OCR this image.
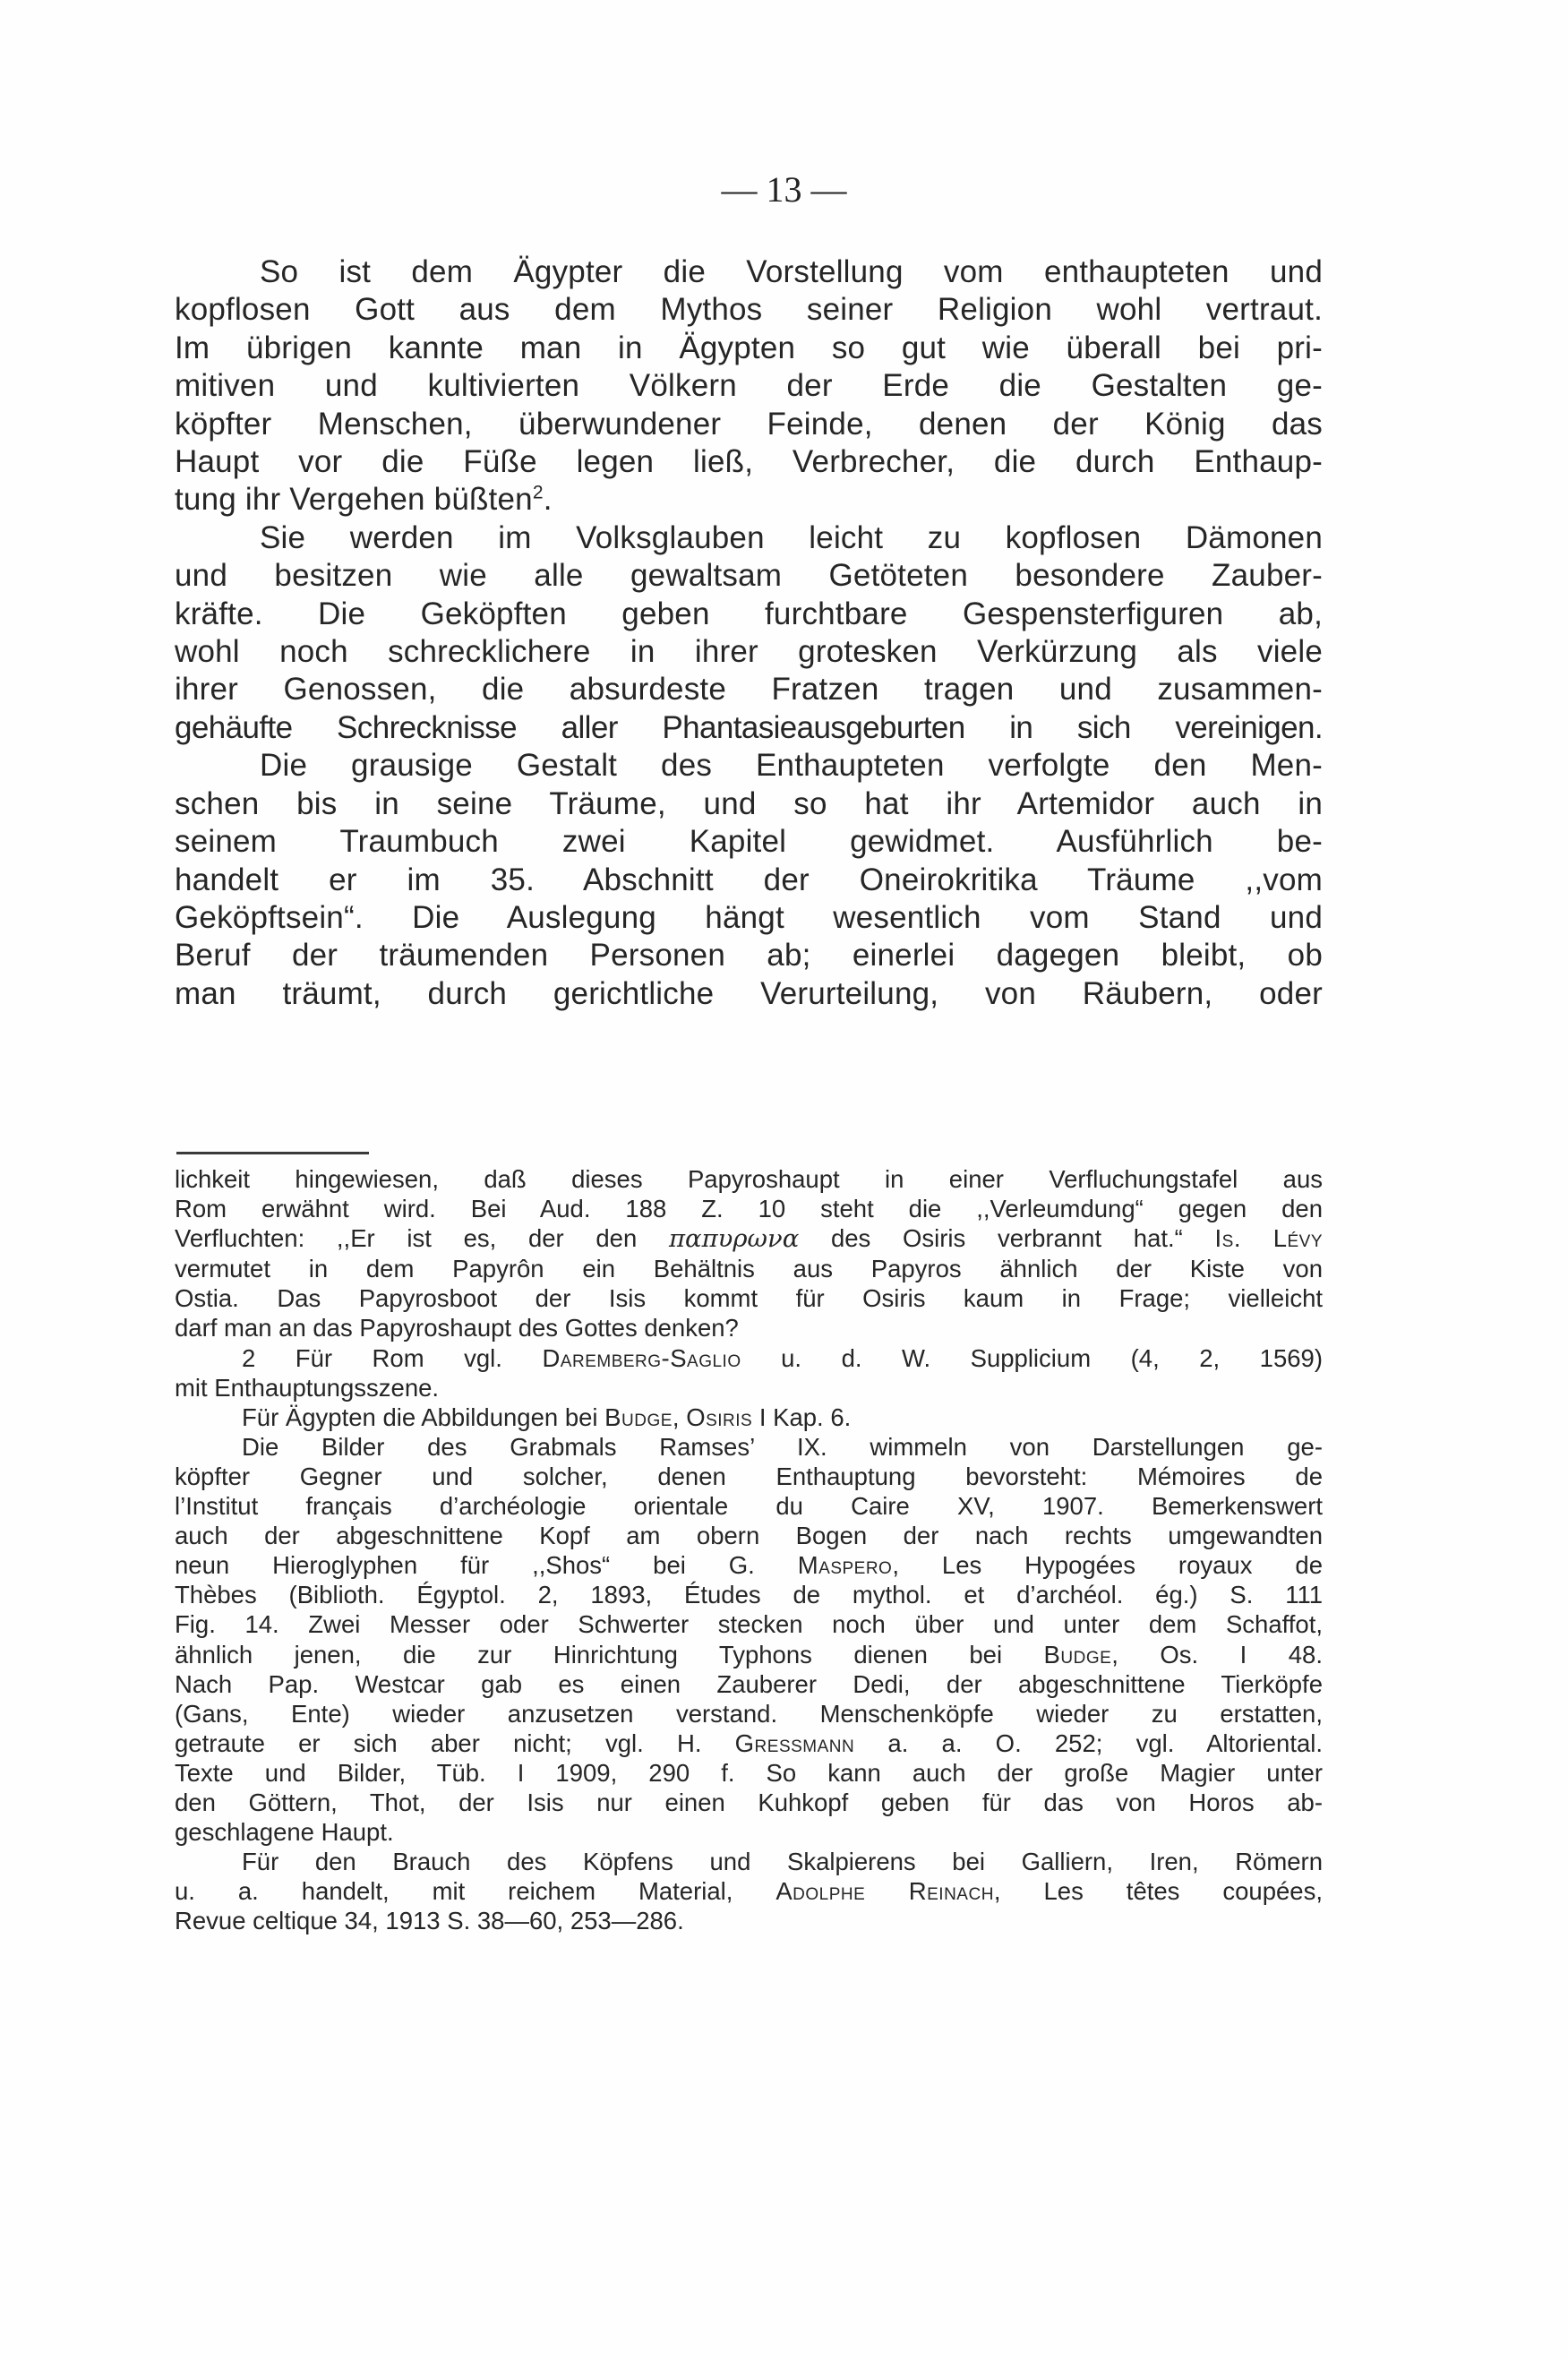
— 13 —
So ist dem Ägypter die Vorstellung vom enthaupteten und
kopflosen Gott aus dem Mythos seiner Religion wohl vertraut.
Im übrigen kannte man in Ägypten so gut wie überall bei pri-
mitiven und kultivierten Völkern der Erde die Gestalten ge-
köpfter Menschen, überwundener Feinde, denen der König das
Haupt vor die Füße legen ließ, Verbrecher, die durch Enthaup-
tung ihr Vergehen büßten$^2$.
Sie werden im Volksglauben leicht zu kopflosen Dämonen
und besitzen wie alle gewaltsam Getöteten besondere Zauber-
kräfte. Die Geköpften geben furchtbare Gespensterfiguren ab,
wohl noch schrecklichere in ihrer grotesken Verkürzung als viele
ihrer Genossen, die absurdeste Fratzen tragen und zusammen-
gehäufte Schrecknisse aller Phantasieausgeburten in sich vereinigen.
Die grausige Gestalt des Enthaupteten verfolgte den Men-
schen bis in seine Träume, und so hat ihr Artemidor auch in
seinem Traumbuch zwei Kapitel gewidmet. Ausführlich be-
handelt er im 35. Abschnitt der Oneirokritika Träume ,,vom
Geköpftsein“. Die Auslegung hängt wesentlich vom Stand und
Beruf der träumenden Personen ab; einerlei dagegen bleibt, ob
man träumt, durch gerichtliche Verurteilung, von Räubern, oder
lichkeit hingewiesen, daß dieses Papyroshaupt in einer Verfluchungstafel aus
Rom erwähnt wird. Bei Aud. 188 Z. 10 steht die ,,Verleumdung“ gegen den
Verfluchten: ,,Er ist es, der den παπυρωνα des Osiris verbrannt hat.“ Is. Lévy
vermutet in dem Papyrôn ein Behältnis aus Papyros ähnlich der Kiste von
Ostia. Das Papyrosboot der Isis kommt für Osiris kaum in Frage; vielleicht
darf man an das Papyroshaupt des Gottes denken?
2 Für Rom vgl. Daremberg-Saglio u. d. W. Supplicium (4, 2, 1569)
mit Enthauptungsszene.
Für Ägypten die Abbildungen bei Budge, Osiris I Kap. 6.
Die Bilder des Grabmals Ramses’ IX. wimmeln von Darstellungen ge-
köpfter Gegner und solcher, denen Enthauptung bevorsteht: Mémoires de
l’Institut français d’archéologie orientale du Caire XV, 1907. Bemerkenswert
auch der abgeschnittene Kopf am obern Bogen der nach rechts umgewandten
neun Hieroglyphen für ,,Shos“ bei G. Maspero, Les Hypogées royaux de
Thèbes (Biblioth. Égyptol. 2, 1893, Études de mythol. et d’archéol. ég.) S. 111
Fig. 14. Zwei Messer oder Schwerter stecken noch über und unter dem Schaffot,
ähnlich jenen, die zur Hinrichtung Typhons dienen bei Budge, Os. I 48.
Nach Pap. Westcar gab es einen Zauberer Dedi, der abgeschnittene Tierköpfe
(Gans, Ente) wieder anzusetzen verstand. Menschenköpfe wieder zu erstatten,
getraute er sich aber nicht; vgl. H. Gressmann a. a. O. 252; vgl. Altoriental.
Texte und Bilder, Tüb. I 1909, 290 f. So kann auch der große Magier unter
den Göttern, Thot, der Isis nur einen Kuhkopf geben für das von Horos ab-
geschlagene Haupt.
Für den Brauch des Köpfens und Skalpierens bei Galliern, Iren, Römern
u. a. handelt, mit reichem Material, Adolphe Reinach, Les têtes coupées,
Revue celtique 34, 1913 S. 38—60, 253—286.
